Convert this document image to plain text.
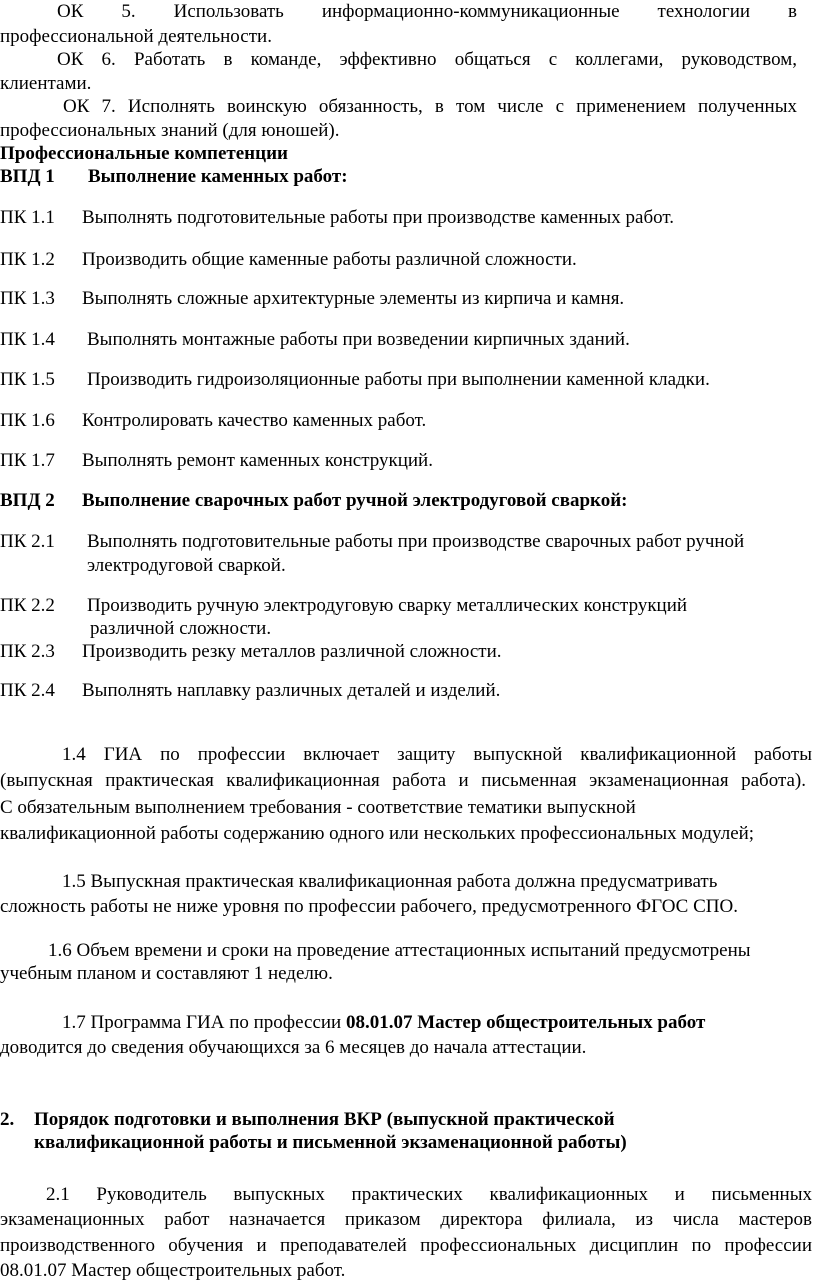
ОК 5. Использовать информационно-коммуникационные технологии в
профессиональной деятельности.
ОК 6. Работать в команде, эффективно общаться с коллегами, руководством,
клиентами.
ОК 7. Исполнять воинскую обязанность, в том числе с применением полученных
профессиональных знаний (для юношей).
Профессиональные компетенции
ВПД 1 Выполнение каменных работ:
ПК 1.1 Выполнять подготовительные работы при производстве каменных работ.
ПК 1.2 Производить общие каменные работы различной сложности.
ПК 1.3 Выполнять сложные архитектурные элементы из кирпича и камня.
ПК 1.4 Выполнять монтажные работы при возведении кирпичных зданий.
ПК 1.5 Производить гидроизоляционные работы при выполнении каменной кладки.
ПК 1.6 Контролировать качество каменных работ.
ПК 1.7 Выполнять ремонт каменных конструкций.
ВПД 2 Выполнение сварочных работ ручной электродуговой сваркой:
ПК 2.1 Выполнять подготовительные работы при производстве сварочных работ ручной
электродуговой сваркой.
ПК 2.2 Производить ручную электродуговую сварку металлических конструкций
различной сложности.
ПК 2.3 Производить резку металлов различной сложности.
ПК 2.4 Выполнять наплавку различных деталей и изделий.
1.4 ГИА по профессии включает защиту выпускной квалификационной работы
(выпускная практическая квалификационная работа и письменная экзаменационная работа).
С обязательным выполнением требования - соответствие тематики выпускной
квалификационной работы содержанию одного или нескольких профессиональных модулей;
1.5 Выпускная практическая квалификационная работа должна предусматривать
сложность работы не ниже уровня по профессии рабочего, предусмотренного ФГОС СПО.
1.6 Объем времени и сроки на проведение аттестационных испытаний предусмотрены
учебным планом и составляют 1 неделю.
1.7 Программа ГИА по профессии 08.01.07 Мастер общестроительных работ
доводится до сведения обучающихся за 6 месяцев до начала аттестации.
2. Порядок подготовки и выполнения ВКР (выпускной практической
квалификационной работы и письменной экзаменационной работы)
2.1 Руководитель выпускных практических квалификационных и письменных
экзаменационных работ назначается приказом директора филиала, из числа мастеров
производственного обучения и преподавателей профессиональных дисциплин по профессии
08.01.07 Мастер общестроительных работ.
